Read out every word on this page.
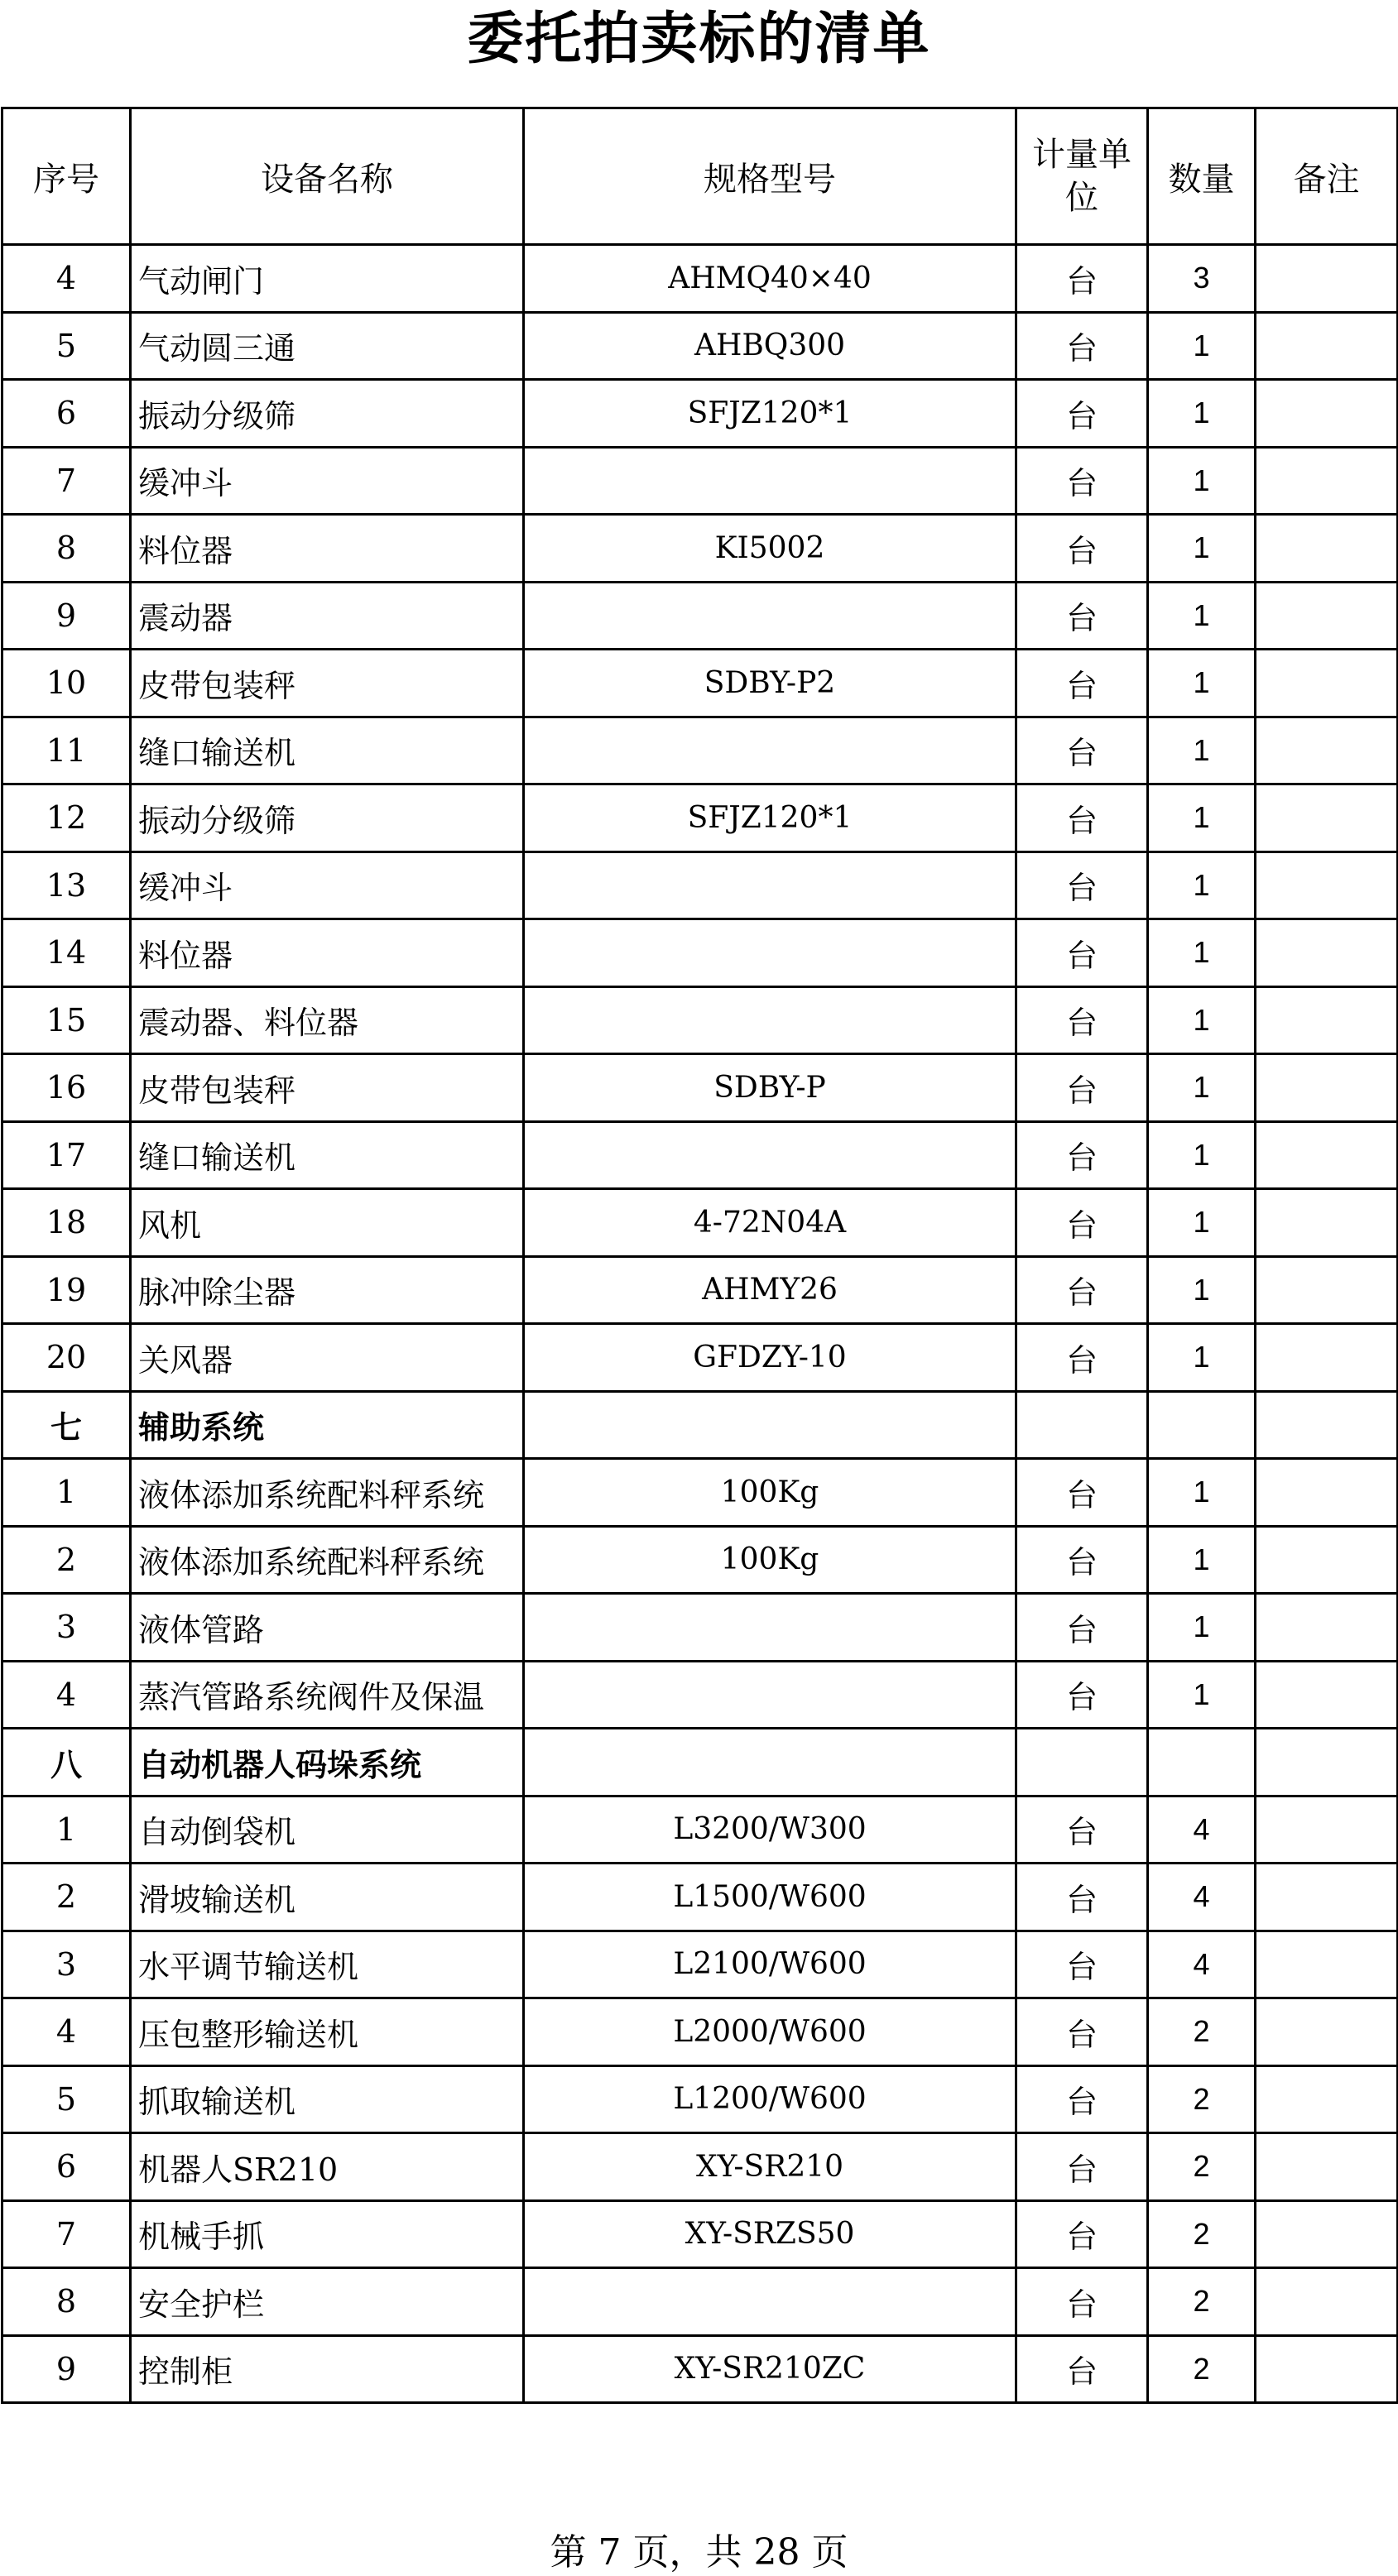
委托拍卖标的清单
序号	设备名称	规格型号	计量单位	数量	备注
4	气动闸门	AHMQ40×40	台	3	
5	气动圆三通	AHBQ300	台	1	
6	振动分级筛	SFJZ120*1	台	1	
7	缓冲斗		台	1	
8	料位器	KI5002	台	1	
9	震动器		台	1	
10	皮带包装秤	SDBY-P2	台	1	
11	缝口输送机		台	1	
12	振动分级筛	SFJZ120*1	台	1	
13	缓冲斗		台	1	
14	料位器		台	1	
15	震动器、料位器		台	1	
16	皮带包装秤	SDBY-P	台	1	
17	缝口输送机		台	1	
18	风机	4-72N04A	台	1	
19	脉冲除尘器	AHMY26	台	1	
20	关风器	GFDZY-10	台	1	
七	辅助系统				
1	液体添加系统配料秤系统	100Kg	台	1	
2	液体添加系统配料秤系统	100Kg	台	1	
3	液体管路		台	1	
4	蒸汽管路系统阀件及保温		台	1	
八	自动机器人码垛系统				
1	自动倒袋机	L3200/W300	台	4	
2	滑坡输送机	L1500/W600	台	4	
3	水平调节输送机	L2100/W600	台	4	
4	压包整形输送机	L2000/W600	台	2	
5	抓取输送机	L1200/W600	台	2	
6	机器人SR210	XY-SR210	台	2	
7	机械手抓	XY-SRZS50	台	2	
8	安全护栏		台	2	
9	控制柜	XY-SR210ZC	台	2	
第 7 页，共 28 页
